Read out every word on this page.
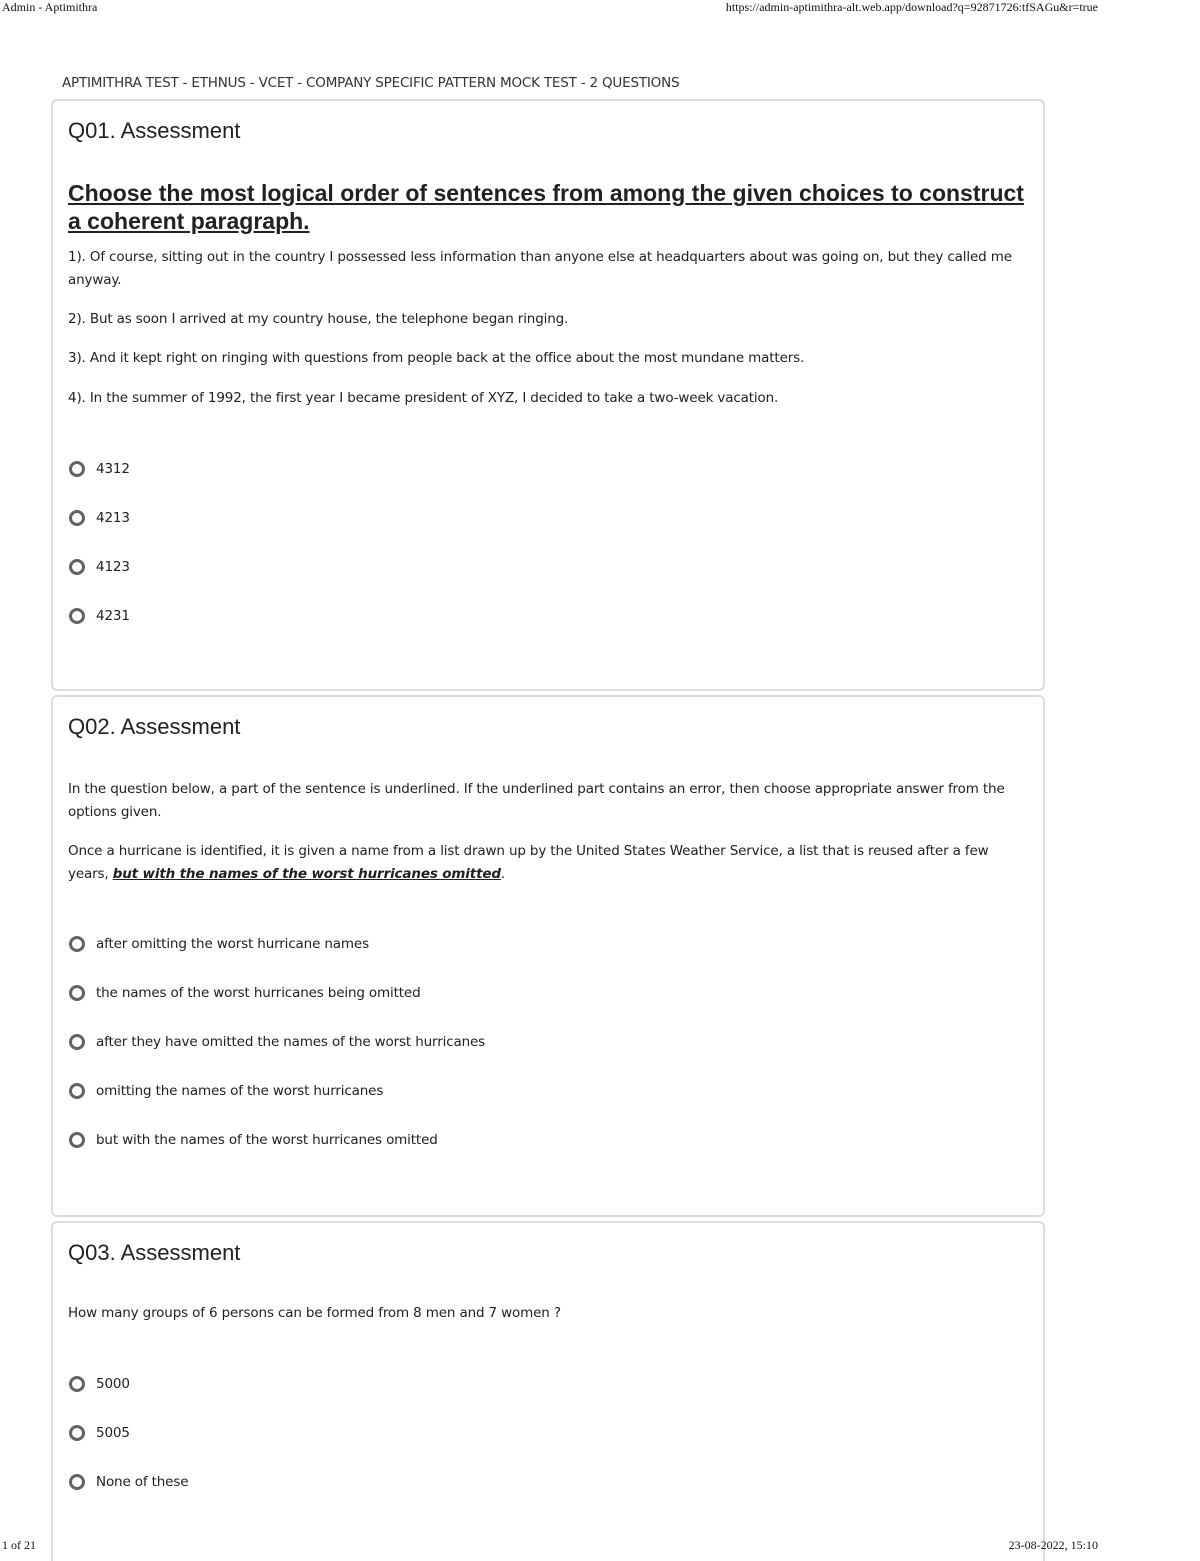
Admin - Aptimithra	https://admin-aptimithra-alt.web.app/download?q=92871726:tfSAGu&r=true
APTIMITHRA TEST - ETHNUS - VCET - COMPANY SPECIFIC PATTERN MOCK TEST - 2 QUESTIONS
Q01. Assessment
Choose the most logical order of sentences from among the given choices to construct a coherent paragraph.
1). Of course, sitting out in the country I possessed less information than anyone else at headquarters about was going on, but they called me anyway.
2). But as soon I arrived at my country house, the telephone began ringing.
3). And it kept right on ringing with questions from people back at the office about the most mundane matters.
4). In the summer of 1992, the first year I became president of XYZ, I decided to take a two-week vacation.
4312
4213
4123
4231
Q02. Assessment
In the question below, a part of the sentence is underlined. If the underlined part contains an error, then choose appropriate answer from the options given.
Once a hurricane is identified, it is given a name from a list drawn up by the United States Weather Service, a list that is reused after a few years, but with the names of the worst hurricanes omitted.
after omitting the worst hurricane names
the names of the worst hurricanes being omitted
after they have omitted the names of the worst hurricanes
omitting the names of the worst hurricanes
but with the names of the worst hurricanes omitted
Q03. Assessment
How many groups of 6 persons can be formed from 8 men and 7 women ?
5000
5005
None of these
1 of 21	23-08-2022, 15:10
